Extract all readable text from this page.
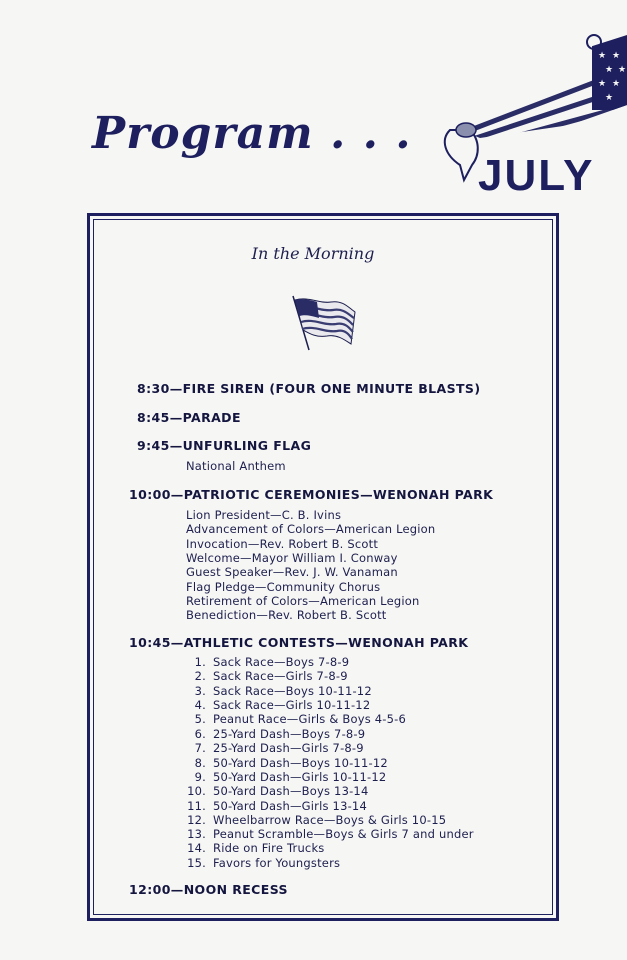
Program . . .
★ ★
★ ★
★ ★
★
JULY
In the Morning
8:30—FIRE SIREN (FOUR ONE MINUTE BLASTS)
8:45—PARADE
9:45—UNFURLING FLAG
National Anthem
10:00—PATRIOTIC CEREMONIES—WENONAH PARK
Lion President—C. B. Ivins
Advancement of Colors—American Legion
Invocation—Rev. Robert B. Scott
Welcome—Mayor William I. Conway
Guest Speaker—Rev. J. W. Vanaman
Flag Pledge—Community Chorus
Retirement of Colors—American Legion
Benediction—Rev. Robert B. Scott
10:45—ATHLETIC CONTESTS—WENONAH PARK
1. Sack Race—Boys 7-8-9
2. Sack Race—Girls 7-8-9
3. Sack Race—Boys 10-11-12
4. Sack Race—Girls 10-11-12
5. Peanut Race—Girls & Boys 4-5-6
6. 25-Yard Dash—Boys 7-8-9
7. 25-Yard Dash—Girls 7-8-9
8. 50-Yard Dash—Boys 10-11-12
9. 50-Yard Dash—Girls 10-11-12
10. 50-Yard Dash—Boys 13-14
11. 50-Yard Dash—Girls 13-14
12. Wheelbarrow Race—Boys & Girls 10-15
13. Peanut Scramble—Boys & Girls 7 and under
14. Ride on Fire Trucks
15. Favors for Youngsters
12:00—NOON RECESS
